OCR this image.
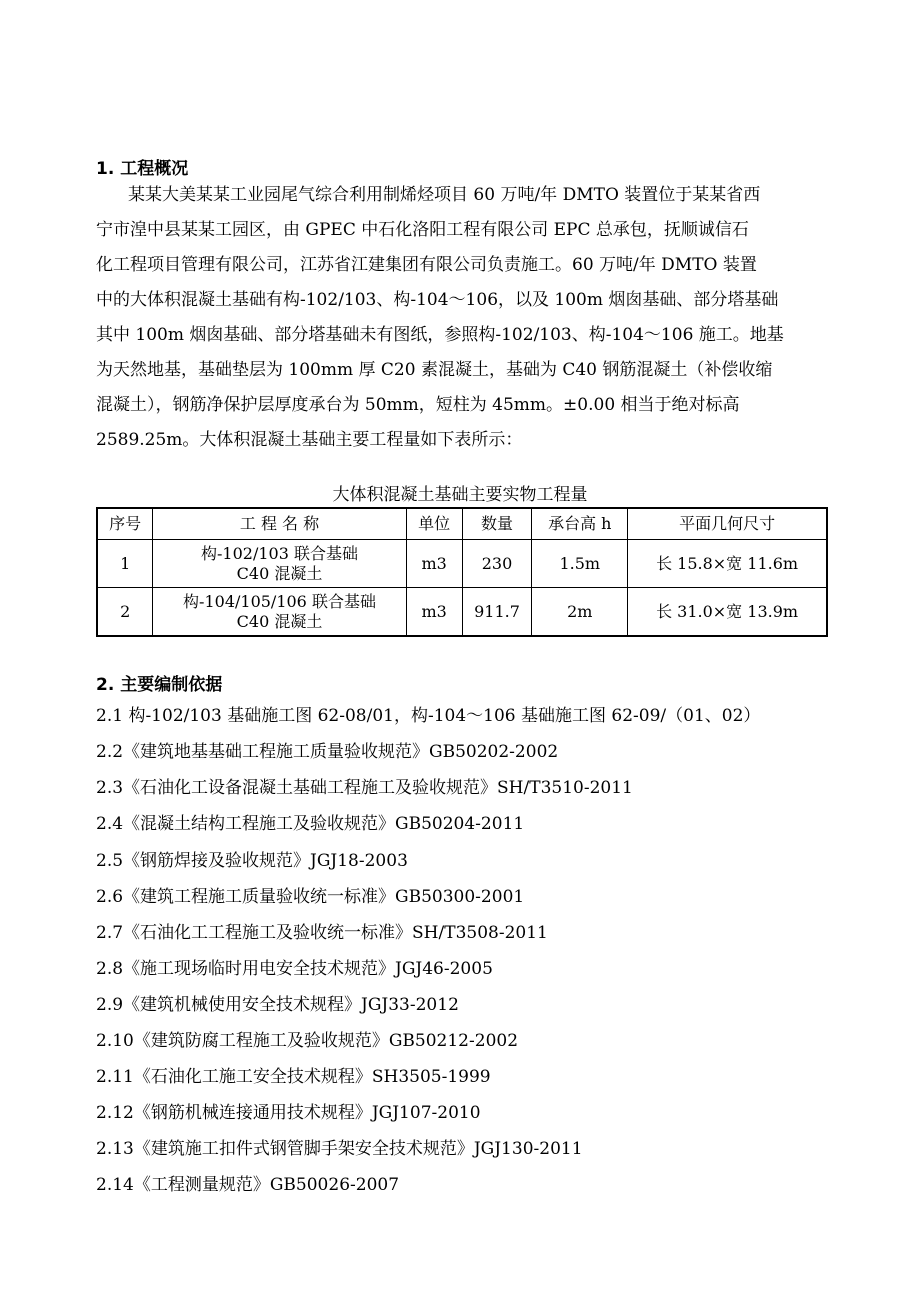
1. 工程概况
某某大美某某工业园尾气综合利用制烯烃项目 60 万吨/年 DMTO 装置位于某某省西
宁市湟中县某某工园区，由 GPEC 中石化洛阳工程有限公司 EPC 总承包，抚顺诚信石
化工程项目管理有限公司，江苏省江建集团有限公司负责施工。60 万吨/年 DMTO 装置
中的大体积混凝土基础有构-102/103、构-104～106，以及 100m 烟囱基础、部分塔基础
其中 100m 烟囱基础、部分塔基础未有图纸，参照构-102/103、构-104～106 施工。地基
为天然地基，基础垫层为 100mm 厚 C20 素混凝土，基础为 C40 钢筋混凝土（补偿收缩
混凝土），钢筋净保护层厚度承台为 50mm，短柱为 45mm。±0.00 相当于绝对标高
2589.25m。大体积混凝土基础主要工程量如下表所示：
大体积混凝土基础主要实物工程量
序号	工 程 名 称	单位	数量	承台高 h	平面几何尺寸
1	构-102/103 联合基础
C40 混凝土	m3	230	1.5m	长 15.8×宽 11.6m
2	构-104/105/106 联合基础
C40 混凝土	m3	911.7	2m	长 31.0×宽 13.9m
2. 主要编制依据
2.1 构-102/103 基础施工图 62-08/01，构-104～106 基础施工图 62-09/（01、02）
2.2《建筑地基基础工程施工质量验收规范》GB50202-2002
2.3《石油化工设备混凝土基础工程施工及验收规范》SH/T3510-2011
2.4《混凝土结构工程施工及验收规范》GB50204-2011
2.5《钢筋焊接及验收规范》JGJ18-2003
2.6《建筑工程施工质量验收统一标准》GB50300-2001
2.7《石油化工工程施工及验收统一标准》SH/T3508-2011
2.8《施工现场临时用电安全技术规范》JGJ46-2005
2.9《建筑机械使用安全技术规程》JGJ33-2012
2.10《建筑防腐工程施工及验收规范》GB50212-2002
2.11《石油化工施工安全技术规程》SH3505-1999
2.12《钢筋机械连接通用技术规程》JGJ107-2010
2.13《建筑施工扣件式钢管脚手架安全技术规范》JGJ130-2011
2.14《工程测量规范》GB50026-2007
